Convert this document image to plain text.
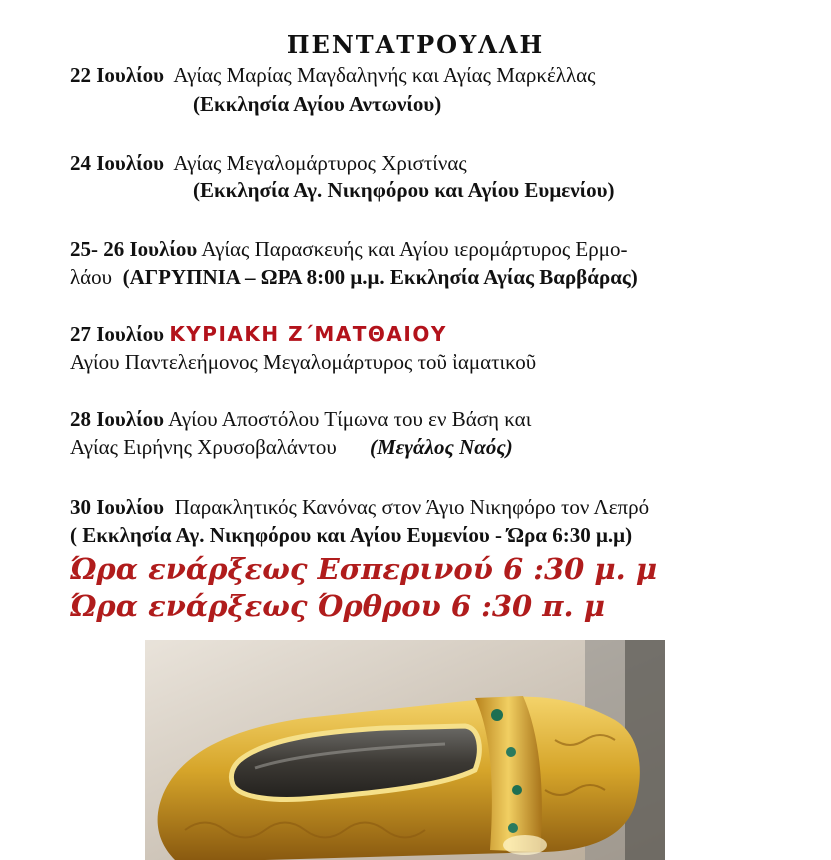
ΠΕΝΤΑΤΡΟΥΛΛΗ
22 Ιουλίου Αγίας Μαρίας Μαγδαληνής και Αγίας Μαρκέλλας
(Εκκλησία Αγίου Αντωνίου)
24 Ιουλίου Αγίας Μεγαλομάρτυρος Χριστίνας
(Εκκλησία Αγ. Νικηφόρου και Αγίου Ευμενίου)
25- 26 Ιουλίου Αγίας Παρασκευής και Αγίου ιερομάρτυρος Ερμο-
λάου (ΑΓΡΥΠΝΙΑ – ΩΡΑ 8:00 μ.μ. Εκκλησία Αγίας Βαρβάρας)
27 Ιουλίου ΚΥΡΙΑΚΗ Ζ΄ΜΑΤΘΑΙΟΥ
Αγίου Παντελεήμονος Μεγαλομάρτυρος τοῦ ἰαματικοῦ
28 Ιουλίου Αγίου Αποστόλου Τίμωνα του εν Βάση και
Αγίας Ειρήνης Χρυσοβαλάντου (Μεγάλος Ναός)
30 Ιουλίου Παρακλητικός Κανόνας στον Άγιο Νικηφόρο τον Λεπρό
( Εκκλησία Αγ. Νικηφόρου και Αγίου Ευμενίου - Ώρα 6:30 μ.μ)
Ώρα ενάρξεως Εσπερινού 6 :30 μ. μ
Ώρα ενάρξεως Όρθρου 6 :30 π. μ
